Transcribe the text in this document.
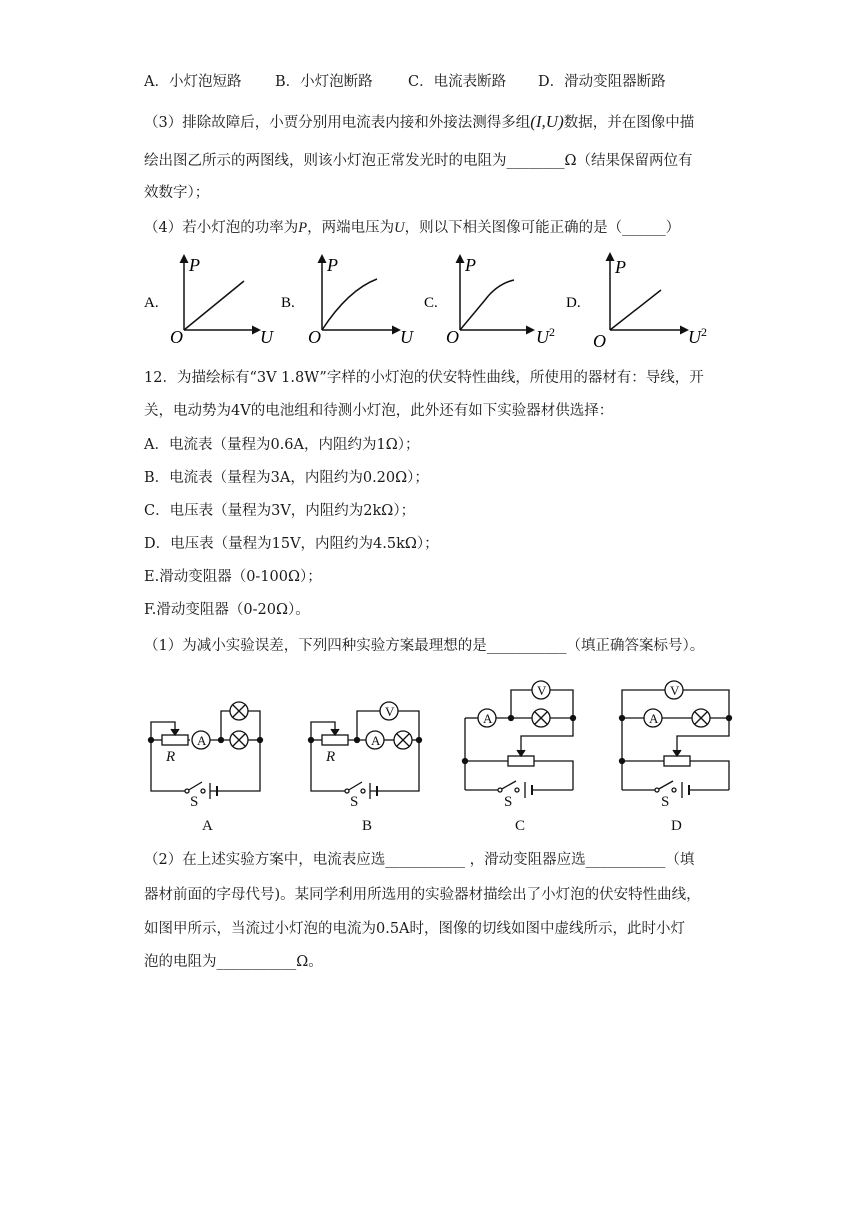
A．小灯泡短路 B．小灯泡断路 C．电流表断路 D．滑动变阻器断路
（3）排除故障后，小贾分别用电流表内接和外接法测得多组(I,U)数据，并在图像中描
绘出图乙所示的两图线，则该小灯泡正常发光时的电阻为________Ω（结果保留两位有
效数字）；
（4）若小灯泡的功率为P，两端电压为U，则以下相关图像可能正确的是（______）
A.
P
O	U
B.
P
O	U
C.
P
O	$U^2$
D.
P
O	$U^2$
12．为描绘标有“3V 1.8W”字样的小灯泡的伏安特性曲线，所使用的器材有：导线，开
关，电动势为4V的电池组和待测小灯泡，此外还有如下实验器材供选择：
A．电流表（量程为0.6A，内阻约为1Ω）；
B．电流表（量程为3A，内阻约为0.20Ω）；
C．电压表（量程为3V，内阻约为2kΩ）；
D．电压表（量程为15V，内阻约为4.5kΩ）；
E.滑动变阻器（0-100Ω）；
F.滑动变阻器（0-20Ω）。
（1）为减小实验误差，下列四种实验方案最理想的是___________（填正确答案标号）。
A	A
V	A
V
A
V
R	R
S	S	S	S
A	B	C	D
（2）在上述实验方案中，电流表应选___________ ，滑动变阻器应选___________（填
器材前面的字母代号)。某同学利用所选用的实验器材描绘出了小灯泡的伏安特性曲线，
如图甲所示，当流过小灯泡的电流为0.5A时，图像的切线如图中虚线所示，此时小灯
泡的电阻为___________Ω。
